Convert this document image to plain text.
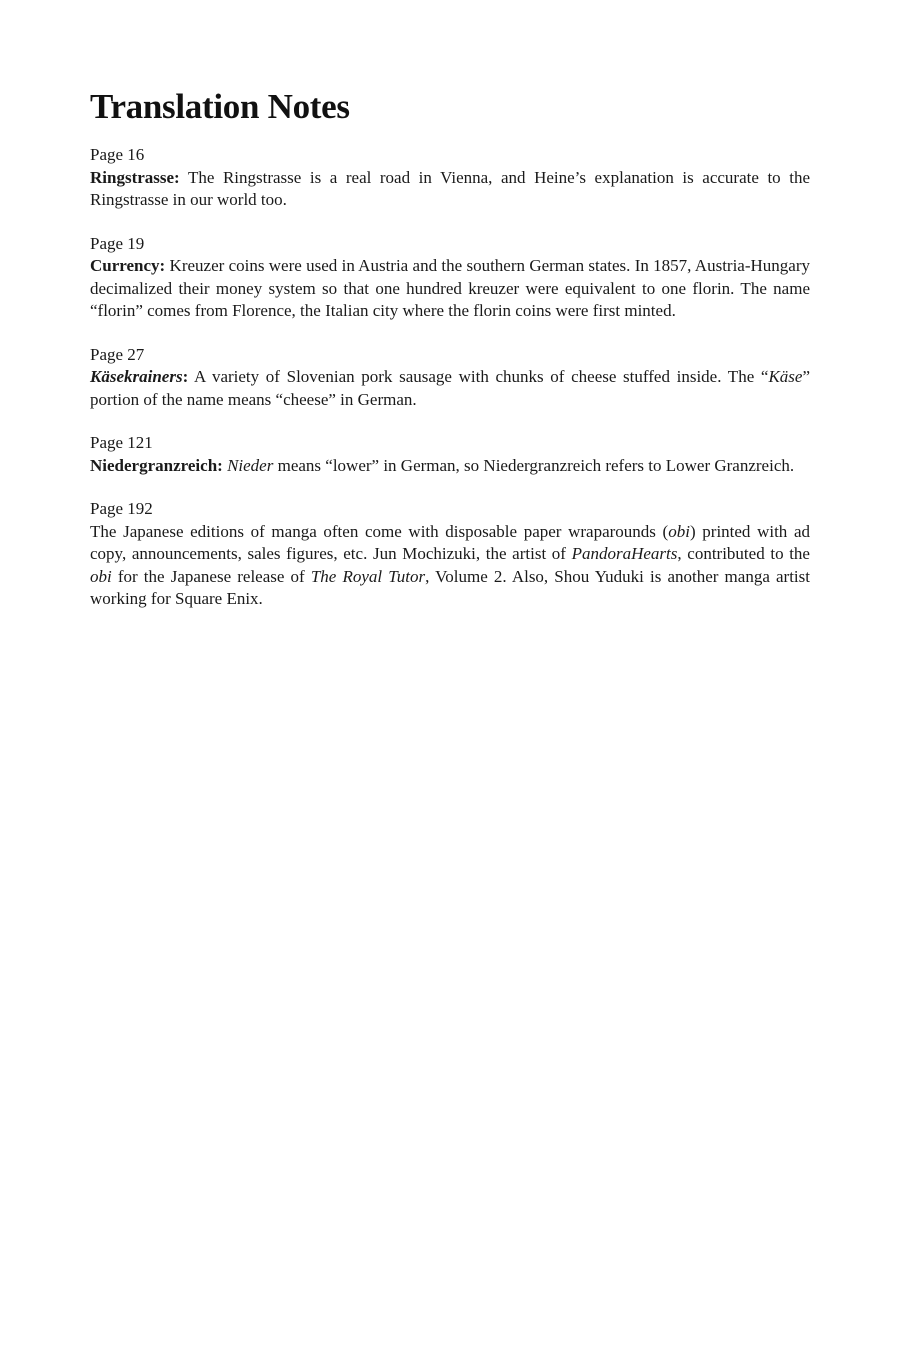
Translation Notes
Page 16
Ringstrasse: The Ringstrasse is a real road in Vienna, and Heine’s explanation is accurate to the Ringstrasse in our world too.
Page 19
Currency: Kreuzer coins were used in Austria and the southern German states. In 1857, Austria-Hungary decimalized their money system so that one hundred kreuzer were equivalent to one florin. The name “florin” comes from Florence, the Italian city where the florin coins were first minted.
Page 27
Käsekrainers: A variety of Slovenian pork sausage with chunks of cheese stuffed inside. The “Käse” portion of the name means “cheese” in German.
Page 121
Niedergranzreich: Nieder means “lower” in German, so Niedergranzreich refers to Lower Granzreich.
Page 192
The Japanese editions of manga often come with disposable paper wraparounds (obi) printed with ad copy, announcements, sales figures, etc. Jun Mochizuki, the artist of PandoraHearts, contributed to the obi for the Japanese release of The Royal Tutor, Volume 2. Also, Shou Yuduki is another manga artist working for Square Enix.
